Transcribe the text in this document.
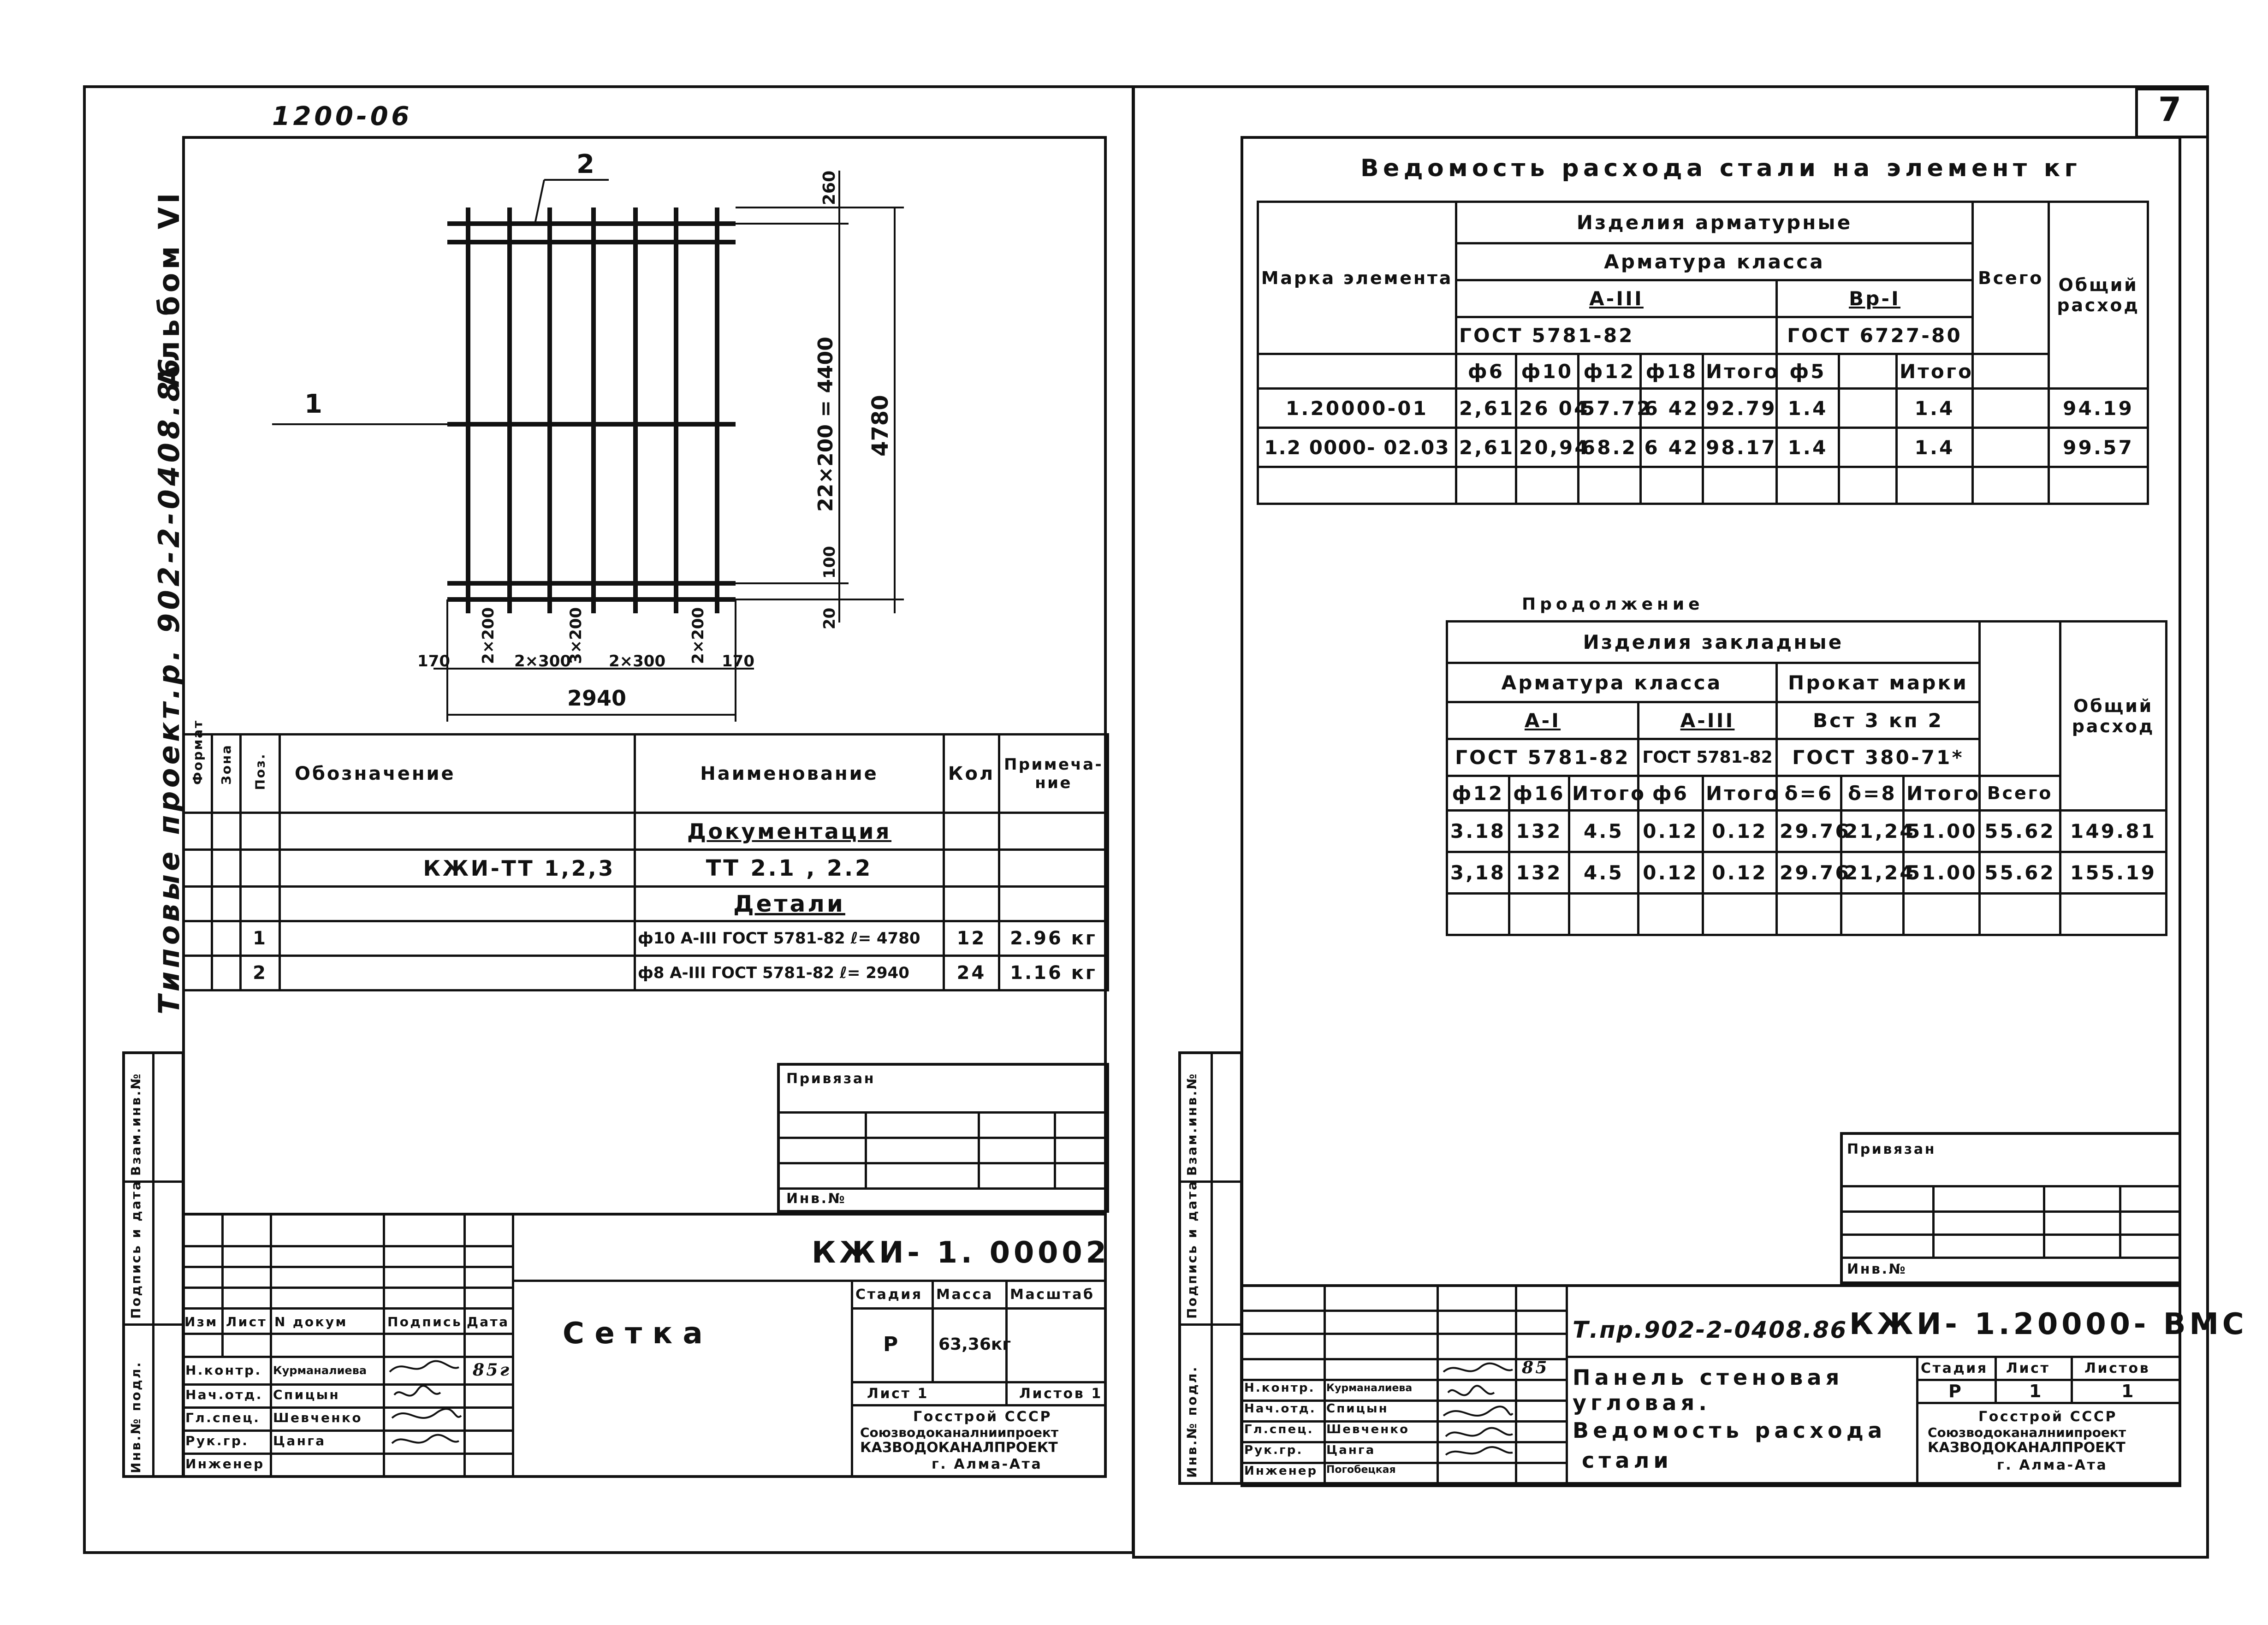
1200-06
Альбом VI
Типовые проект.р. 902-2-0408.86	1
2
260
22×200 = 4400 4780
100
20
170 2×200 2×300
3×200 2×300 2×200 170
2940
Формат	Зона	Поз.	Обозначение	Наименование	Кол	Примеча-ние
				Документация		
			КЖИ-ТТ 1,2,3	ТТ 2.1 , 2.2		
				Детали		
		1		ф10 А-III ГОСТ 5781-82 ℓ= 4780	12	2.96 кг
		2		ф8 А-III ГОСТ 5781-82 ℓ= 2940	24	1.16 кг
Инв.№ подл.
Подпись и дата
Взам.инв.№	Привязан
Инв.№
Изм Лист N докум	Подпись Дата
Н.контр. Курманалиева
Нач.отд. Спицын
Гл.спец. Шевченко
Рук.гр. Цанга
Инженер
85г
КЖИ- 1. 00002
Сетка
Стадия Масса Масштаб
Р 63,36кг
Лист 1	Листов 1
Госстрой СССР
Союзводоканалниипроект
КАЗВОДОКАНАЛПРОЕКТ
г. Алма-Ата
7
Ведомость расхода стали на элемент кг
Марка элемента	Изделия арматурные								Всего	Общий расход
	Арматура класса									
	A-III					Bр-I				
	ГОСТ 5781-82					ГОСТ 6727-80				
	ф6	ф10	ф12	ф18	Итого	ф5		Итого		
1.20000-01	2,61	26 04	57.72	6 42	92.79	1.4		1.4		94.19
1.2 0000- 02.03	2,61	20,94	68.2	6 42	98.17	1.4		1.4		99.57

Продолжение
Изделия закладные									Общий расход
Арматура класса					Прокат марки				
A-I			A-III		Вст 3 кп 2				
ГОСТ 5781-82			ГОСТ 5781-82		ГОСТ 380-71*				
ф12	ф16	Итого	ф6	Итого	δ=6	δ=8	Итого	Всего	
3.18	132	4.5	0.12	0.12	29.76	21,24	51.00	55.62	149.81
3,18	132	4.5	0.12	0.12	29.76	21,24	51.00	55.62	155.19

Инв.№ подл.
Подпись и дата
Взам.инв.№	Привязан
Инв.№
Н.контр. Курманалиева
Нач.отд. Спицын
Гл.спец. Шевченко
Рук.гр. Цанга
Инженер Погобецкая
85
Т.пр.902-2-0408.86 КЖИ- 1.20000- ВМС
Панель стеновая
угловая.
Ведомость расхода
стали
Стадия Лист Листов
Р	1	1
Госстрой СССР
Союзводоканалниипроект
КАЗВОДОКАНАЛПРОЕКТ
г. Алма-Ата
